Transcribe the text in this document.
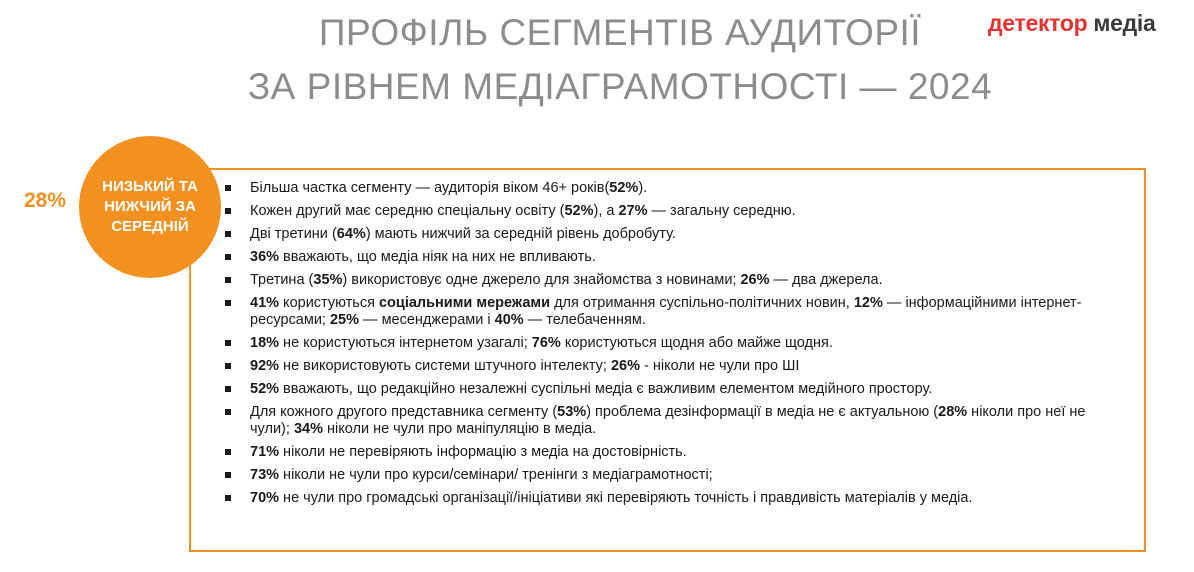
ПРОФІЛЬ СЕГМЕНТІВ АУДИТОРІЇ
ЗА РІВНЕМ МЕДІАГРАМОТНОСТІ — 2024
детектор медіа
28%
НИЗЬКИЙ ТА НИЖЧИЙ ЗА СЕРЕДНІЙ
Більша частка сегменту — аудиторія віком 46+ років(52%).
Кожен другий має середню спеціальну освіту (52%), а 27% — загальну середню.
Дві третини (64%) мають нижчий за середній рівень добробуту.
36% вважають, що медіа ніяк на них не впливають.
Третина (35%) використовує одне джерело для знайомства з новинами; 26% — два джерела.
41% користуються соціальними мережами для отримання суспільно-політичних новин, 12% — інформаційними інтернет-ресурсами; 25% — месенджерами і 40% — телебаченням.
18% не користуються інтернетом узагалі; 76% користуються щодня або майже щодня.
92% не використовують системи штучного інтелекту; 26% - ніколи не чули про ШІ
52% вважають, що редакційно незалежні суспільні медіа є важливим елементом медійного простору.
Для кожного другого представника сегменту (53%) проблема дезінформації в медіа не є актуальною (28% ніколи про неї не чули); 34% ніколи не чули про маніпуляцію в медіа.
71% ніколи не перевіряють інформацію з медіа на достовірність.
73% ніколи не чули про курси/семінари/ тренінги з медіаграмотності;
70% не чули про громадські організації/ініціативи які перевіряють точність і правдивість матеріалів у медіа.
